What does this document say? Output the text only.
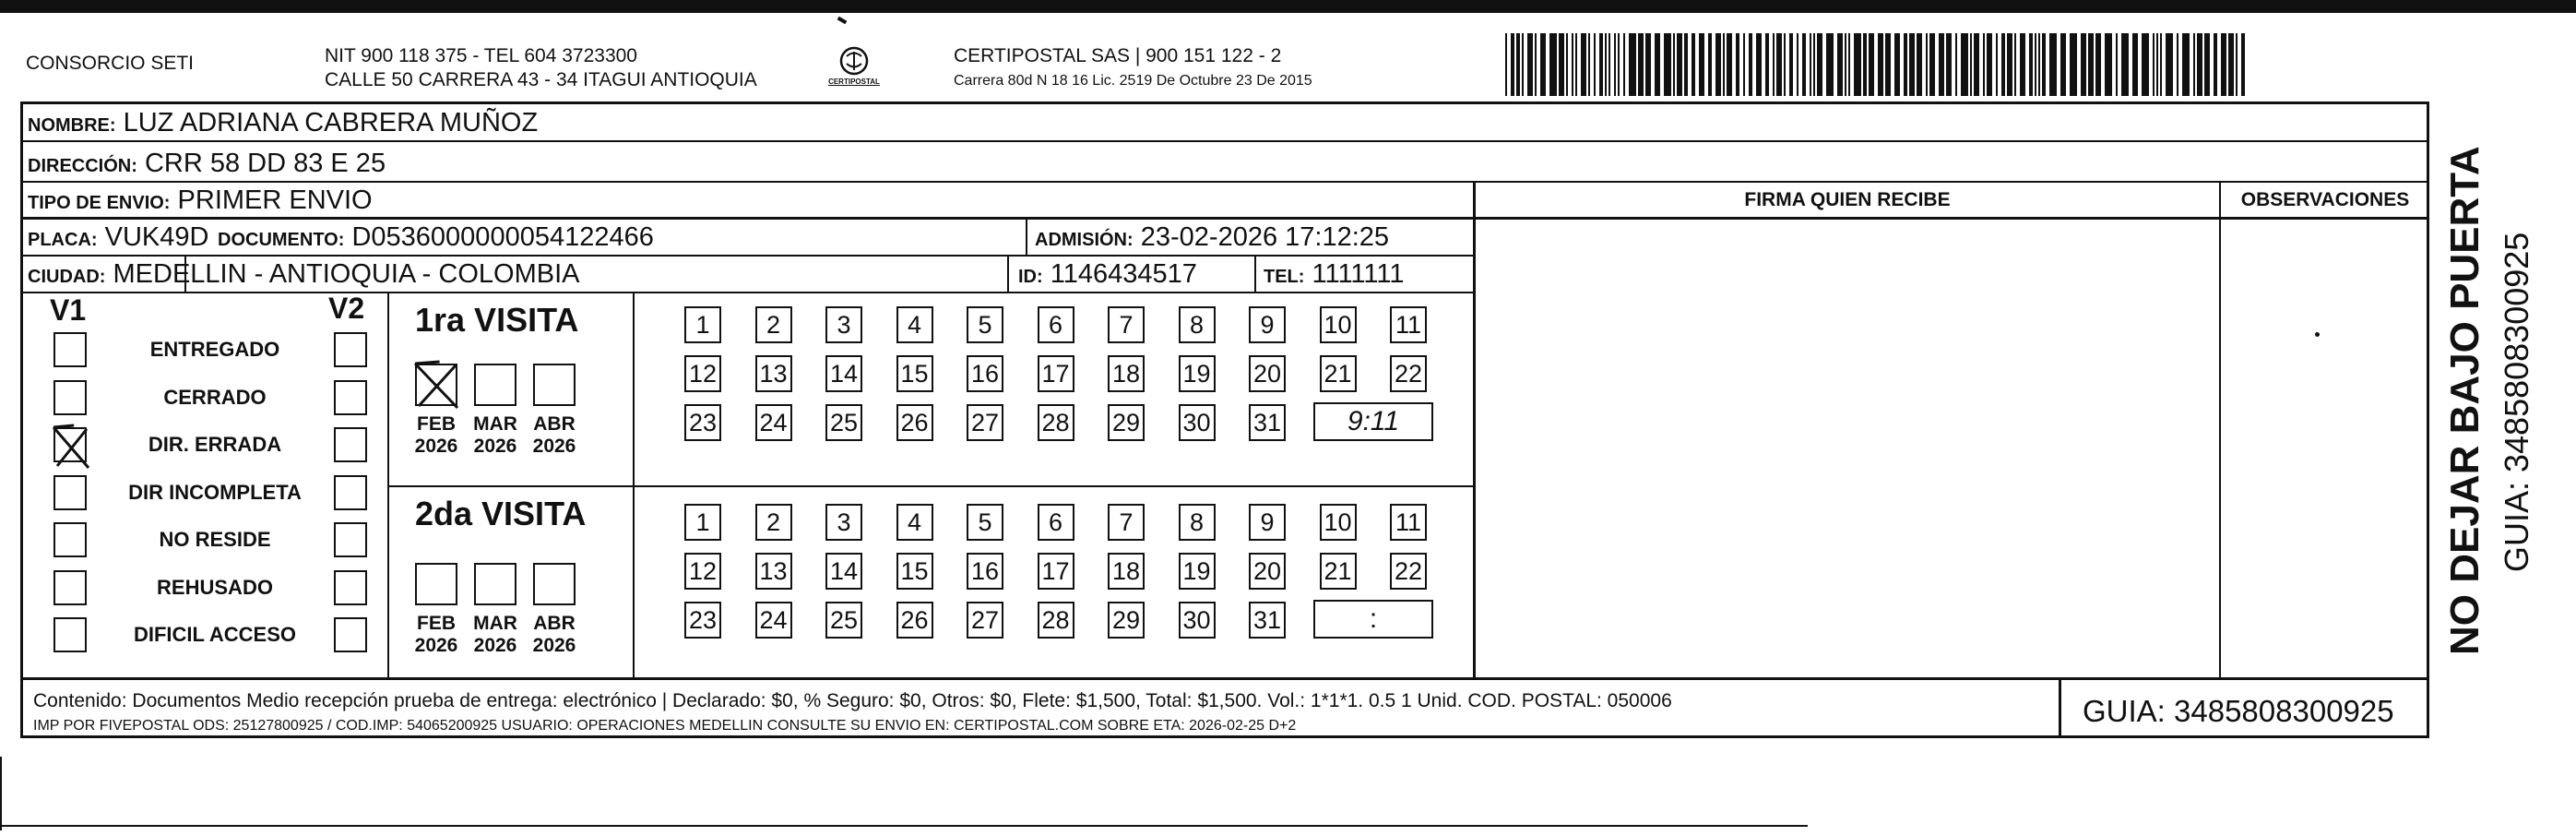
CONSORCIO SETI	NIT 900 118 375 - TEL 604 3723300
CALLE 50 CARRERA 43 - 34 ITAGUI ANTIOQUIA	CERTIPOSTAL
CERTIPOSTAL SAS | 900 151 122 - 2
Carrera 80d N 18 16 Lic. 2519 De Octubre 23 De 2015
NOMBRE: LUZ ADRIANA CABRERA MUÑOZ
DIRECCIÓN: CRR 58 DD 83 E 25
TIPO DE ENVIO: PRIMER ENVIO	FIRMA QUIEN RECIBE	OBSERVACIONES
PLACA: VUK49D DOCUMENTO: D0536000000054122466	ADMISIÓN: 23-02-2026 17:12:25
CIUDAD: MEDELLIN - ANTIOQUIA - COLOMBIA	ID: 1146434517	TEL: 1111111
V1	V2
ENTREGADO
CERRADO
DIR. ERRADA
DIR INCOMPLETA
NO RESIDE
REHUSADO
DIFICIL ACCESO
1ra VISITA
2da VISITA
FEB
2026
MAR
2026
ABR
2026
FEB
2026
MAR
2026
ABR
2026
1	2	3	4	5	6	7	8	9	10 11
12 13 14 15 16 17 18 19 20 21 22
23 24 25 26 27 28 29 30 31	9:11
1	2	3	4	5	6	7	8	9	10 11
12 13 14 15 16 17 18 19 20 21 22
23 24 25 26 27 28 29 30 31	:
Contenido: Documentos Medio recepción prueba de entrega: electrónico | Declarado: $0, % Seguro: $0, Otros: $0, Flete: $1,500, Total: $1,500. Vol.: 1*1*1. 0.5 1 Unid. COD. POSTAL: 050006
IMP POR FIVEPOSTAL ODS: 25127800925 / COD.IMP: 54065200925 USUARIO: OPERACIONES MEDELLIN CONSULTE SU ENVIO EN: CERTIPOSTAL.COM SOBRE ETA: 2026-02-25 D+2	GUIA: 3485808300925
NO DEJAR BAJO PUERTA GUIA: 3485808300925
